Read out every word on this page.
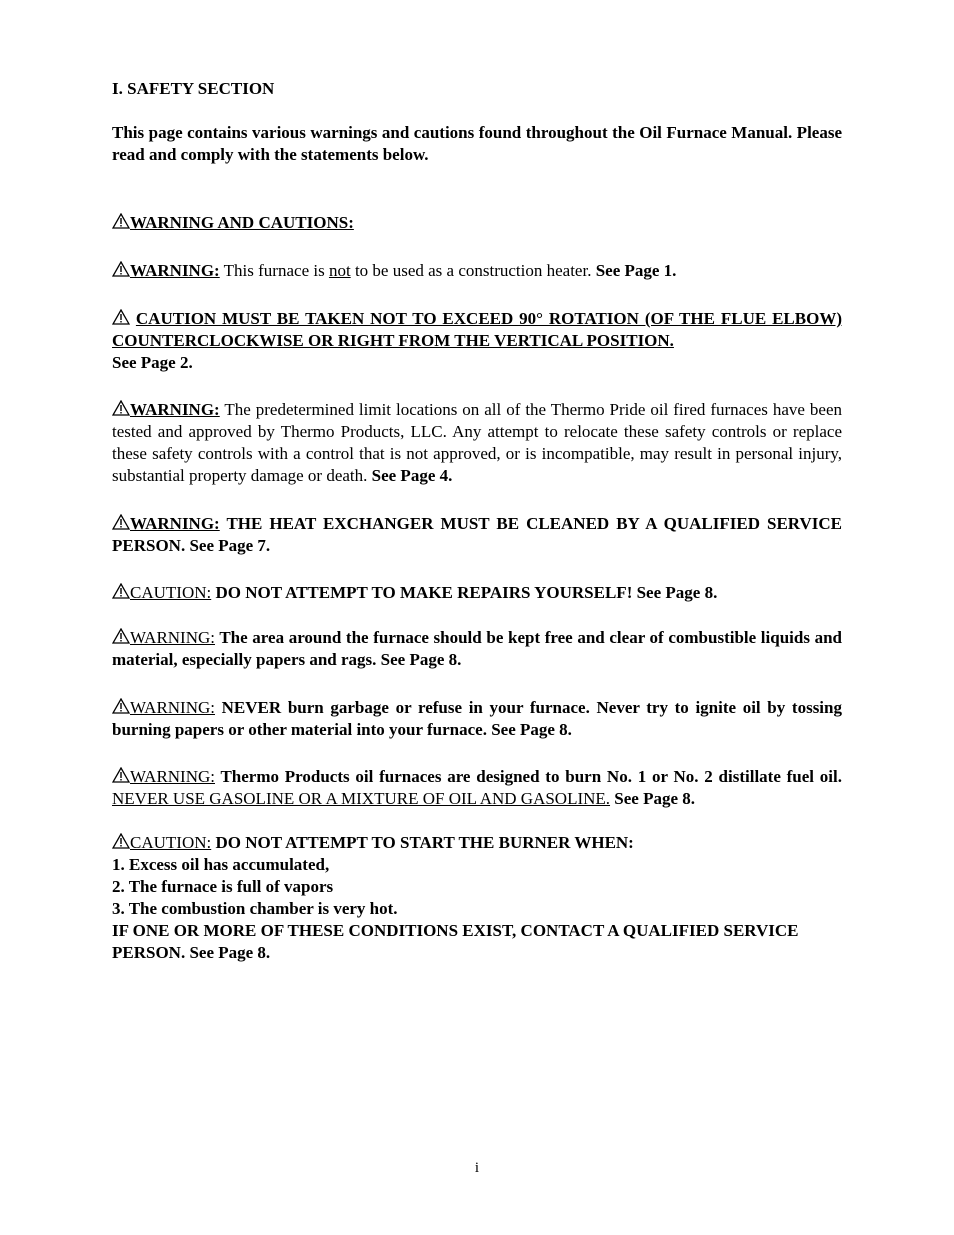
I. SAFETY SECTION

This page contains various warnings and cautions found throughout the Oil Furnace Manual. Please read and comply with the statements below.

WARNING AND CAUTIONS:

WARNING: This furnace is not to be used as a construction heater. See Page 1.

CAUTION MUST BE TAKEN NOT TO EXCEED 90° ROTATION (OF THE FLUE ELBOW) COUNTERCLOCKWISE OR RIGHT FROM THE VERTICAL POSITION.
See Page 2.

WARNING: The predetermined limit locations on all of the Thermo Pride oil fired furnaces have been tested and approved by Thermo Products, LLC. Any attempt to relocate these safety controls or replace these safety controls with a control that is not approved, or is incompatible, may result in personal injury, substantial property damage or death. See Page 4.

WARNING: THE HEAT EXCHANGER MUST BE CLEANED BY A QUALIFIED SERVICE PERSON. See Page 7.

CAUTION: DO NOT ATTEMPT TO MAKE REPAIRS YOURSELF! See Page 8.

WARNING: The area around the furnace should be kept free and clear of combustible liquids and material, especially papers and rags. See Page 8.

WARNING: NEVER burn garbage or refuse in your furnace. Never try to ignite oil by tossing burning papers or other material into your furnace. See Page 8.

WARNING: Thermo Products oil furnaces are designed to burn No. 1 or No. 2 distillate fuel oil. NEVER USE GASOLINE OR A MIXTURE OF OIL AND GASOLINE. See Page 8.

CAUTION: DO NOT ATTEMPT TO START THE BURNER WHEN:
1. Excess oil has accumulated,
2. The furnace is full of vapors
3. The combustion chamber is very hot.
IF ONE OR MORE OF THESE CONDITIONS EXIST, CONTACT A QUALIFIED SERVICE PERSON. See Page 8.

i
